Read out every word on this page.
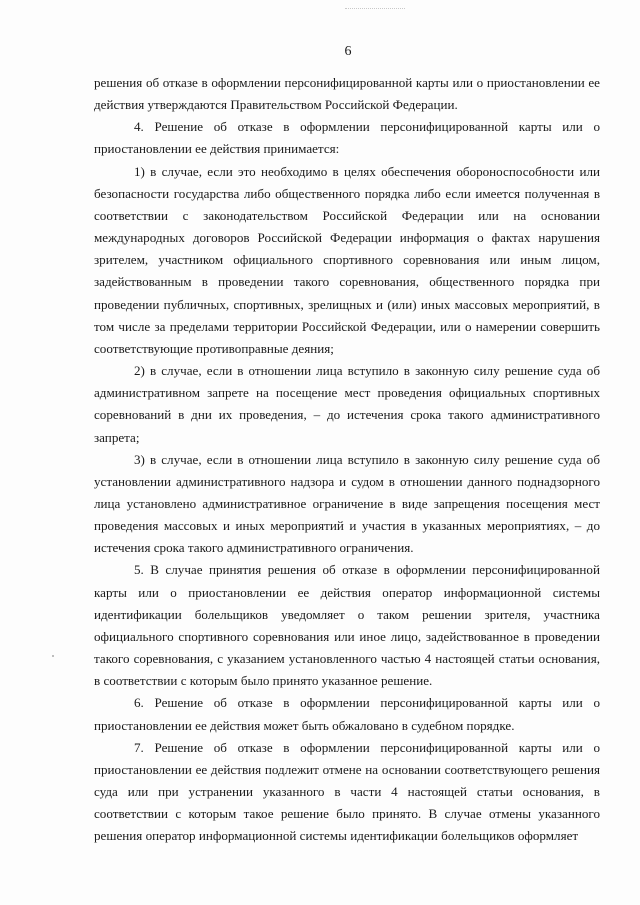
6

решения об отказе в оформлении персонифицированной карты или о приостановлении ее действия утверждаются Правительством Российской Федерации.

4. Решение об отказе в оформлении персонифицированной карты или о приостановлении ее действия принимается:

1) в случае, если это необходимо в целях обеспечения обороноспособности или безопасности государства либо общественного порядка либо если имеется полученная в соответствии с законодательством Российской Федерации или на основании международных договоров Российской Федерации информация о фактах нарушения зрителем, участником официального спортивного соревнования или иным лицом, задействованным в проведении такого соревнования, общественного порядка при проведении публичных, спортивных, зрелищных и (или) иных массовых мероприятий, в том числе за пределами территории Российской Федерации, или о намерении совершить соответствующие противоправные деяния;

2) в случае, если в отношении лица вступило в законную силу решение суда об административном запрете на посещение мест проведения официальных спортивных соревнований в дни их проведения, – до истечения срока такого административного запрета;

3) в случае, если в отношении лица вступило в законную силу решение суда об установлении административного надзора и судом в отношении данного поднадзорного лица установлено административное ограничение в виде запрещения посещения мест проведения массовых и иных мероприятий и участия в указанных мероприятиях, – до истечения срока такого административного ограничения.

5. В случае принятия решения об отказе в оформлении персонифицированной карты или о приостановлении ее действия оператор информационной системы идентификации болельщиков уведомляет о таком решении зрителя, участника официального спортивного соревнования или иное лицо, задействованное в проведении такого соревнования, с указанием установленного частью 4 настоящей статьи основания, в соответствии с которым было принято указанное решение.

6. Решение об отказе в оформлении персонифицированной карты или о приостановлении ее действия может быть обжаловано в судебном порядке.

7. Решение об отказе в оформлении персонифицированной карты или о приостановлении ее действия подлежит отмене на основании соответствующего решения суда или при устранении указанного в части 4 настоящей статьи основания, в соответствии с которым такое решение было принято. В случае отмены указанного решения оператор информационной системы идентификации болельщиков оформляет
